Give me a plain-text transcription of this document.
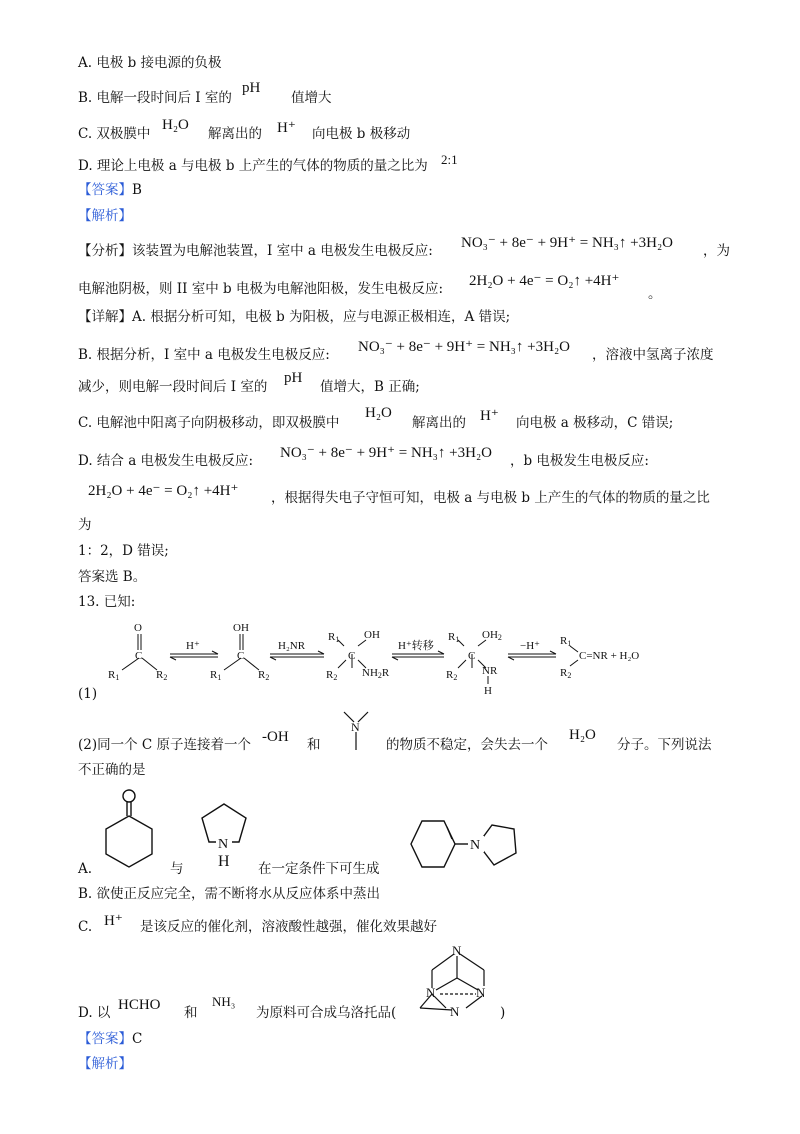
A. 电极 b 接电源的负极
B. 电解一段时间后 I 室的
pH
值增大
C. 双极膜中
H₂O
解离出的 H⁺ 向电极 b 极移动
D. 理论上电极 a 与电极 b 上产生的气体的物质的量之比为 2:1
【答案】B
【解析】
【分析】该装置为电解池装置，I 室中 a 电极发生电极反应: NO₃⁻ + 8e⁻ + 9H⁺ = NH₃↑ +3H₂O ，为
电解池阴极，则 II 室中 b 电极为电解池阳极，发生电极反应: 2H₂O + 4e⁻ = O₂↑ +4H⁺
。
【详解】A. 根据分析可知，电极 b 为阳极，应与电源正极相连，A 错误;
B. 根据分析，I 室中 a 电极发生电极反应: NO₃⁻ + 8e⁻ + 9H⁺ = NH₃↑ +3H₂O ，溶液中氢离子浓度
减少，则电解一段时间后 I 室的
pH
值增大，B 正确;
C. 电解池中阳离子向阴极移动，即双极膜中
H₂O
解离出的 H⁺ 向电极 a 极移动，C 错误;
D. 结合 a 电极发生电极反应: NO₃⁻ + 8e⁻ + 9H⁺ = NH₃↑ +3H₂O ，b 电极发生电极反应:
2H₂O + 4e⁻ = O₂↑ +4H⁺ ，根据得失电子守恒可知，电极 a 与电极 b 上产生的气体的物质的量之比
为
1：2，D 错误;
答案选 B。
13. 已知:
O
C
R1	R2
H⁺
OH
C
R1	R2
H₂NR
R1 OH
C
R2 NH2R
H⁺转移
R1 OH2
C
R2
NR
H
−H⁺ R1
R2
C=NR + H₂O
(1)
(2)同一个 C 原子连接着一个 -OH 和
N
的物质不稳定，会失去一个
H₂O
分子。下列说法
不正确的是
A.	与
N
H 在一定条件下可生成
N
B. 欲使正反应完全，需不断将水从反应体系中蒸出
C. H⁺ 是该反应的催化剂，溶液酸性越强，催化效果越好
D. 以 HCHO 和
NH₃
为原料可合成乌洛托品(
N
N	N
N	)
【答案】C
【解析】
